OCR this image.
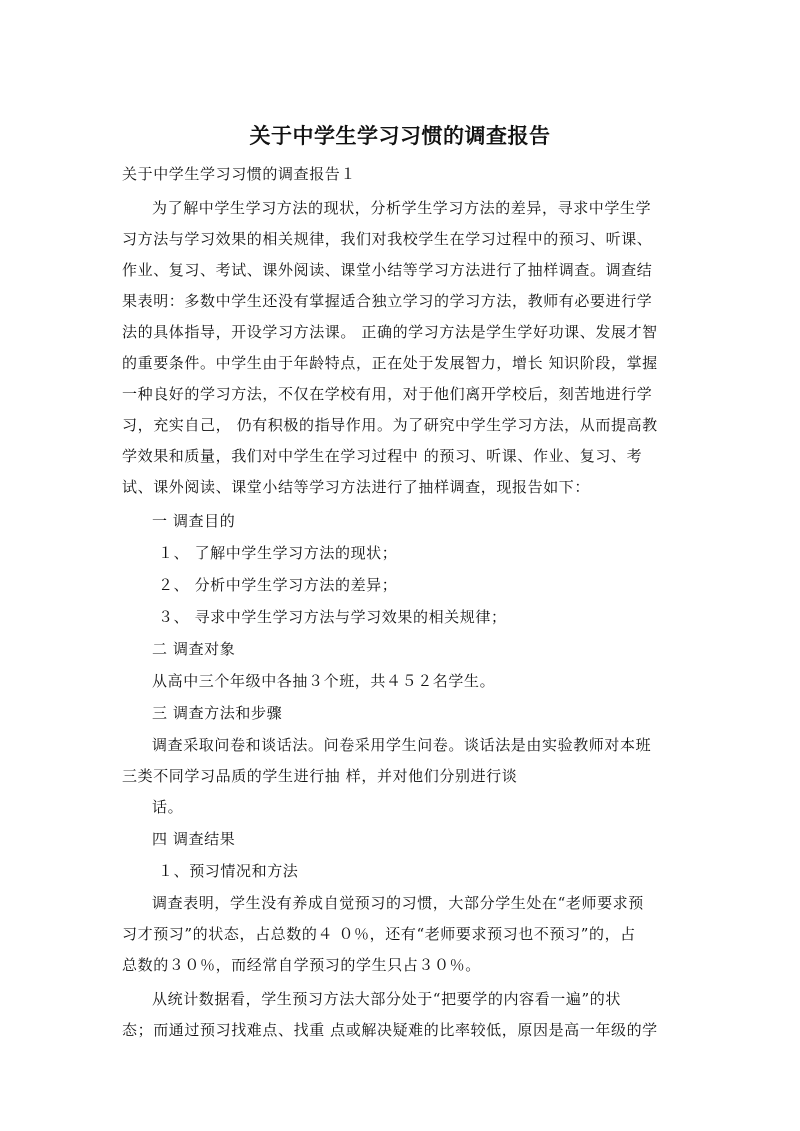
关于中学生学习习惯的调查报告
关于中学生学习习惯的调查报告１
为了解中学生学习方法的现状，分析学生学习方法的差异，寻求中学生学
习方法与学习效果的相关规律，我们对我校学生在学习过程中的预习、听课、
作业、复习、考试、课外阅读、课堂小结等学习方法进行了抽样调查。调查结
果表明：多数中学生还没有掌握适合独立学习的学习方法，教师有必要进行学
法的具体指导，开设学习方法课。 正确的学习方法是学生学好功课、发展才智
的重要条件。中学生由于年龄特点，正在处于发展智力，增长 知识阶段，掌握
一种良好的学习方法，不仅在学校有用，对于他们离开学校后，刻苦地进行学
习，充实自己， 仍有积极的指导作用。为了研究中学生学习方法，从而提高教
学效果和质量，我们对中学生在学习过程中 的预习、听课、作业、复习、考
试、课外阅读、课堂小结等学习方法进行了抽样调查，现报告如下：
一 调查目的
１、 了解中学生学习方法的现状；
２、 分析中学生学习方法的差异；
３、 寻求中学生学习方法与学习效果的相关规律；
二 调查对象
从高中三个年级中各抽３个班，共４５２名学生。
三 调查方法和步骤
调查采取问卷和谈话法。问卷采用学生问卷。谈话法是由实验教师对本班
三类不同学习品质的学生进行抽 样，并对他们分别进行谈
话。
四 调查结果
１、预习情况和方法
调查表明，学生没有养成自觉预习的习惯，大部分学生处在“老师要求预
习才预习”的状态，占总数的４ ０％，还有“老师要求预习也不预习”的，占
总数的３０％，而经常自学预习的学生只占３０％。
从统计数据看，学生预习方法大部分处于“把要学的内容看一遍”的状
态；而通过预习找难点、找重 点或解决疑难的比率较低，原因是高一年级的学
